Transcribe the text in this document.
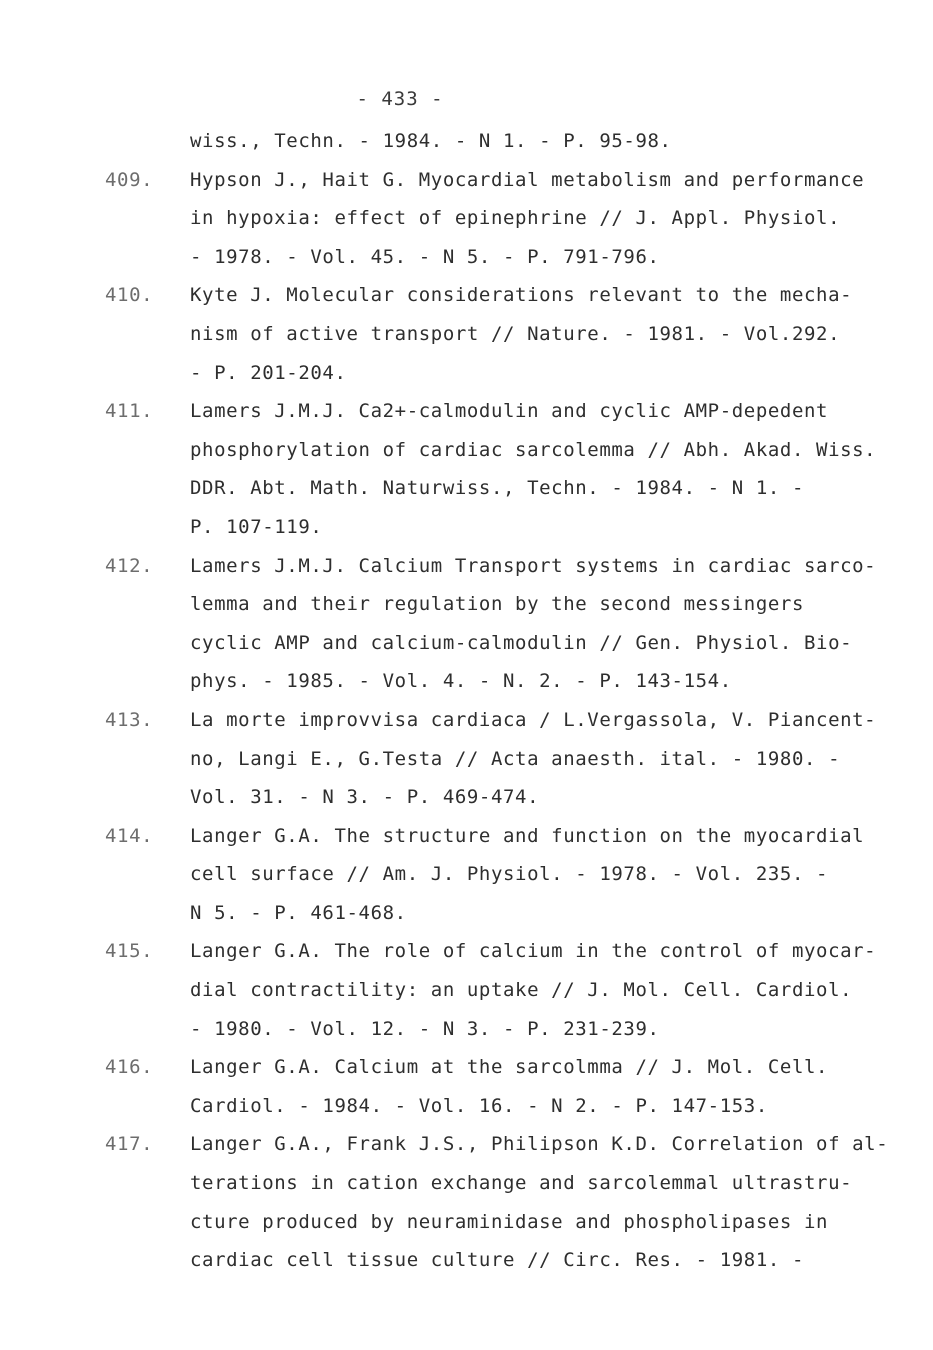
- 433 -
wiss., Techn. - 1984. - N 1. - P. 95-98.
409.	Hypson J., Hait G. Myocardial metabolism and performance
in hypoxia: effect of epinephrine // J. Appl. Physiol.
- 1978. - Vol. 45. - N 5. - P. 791-796.
410.	Kyte J. Molecular considerations relevant to the mecha-
nism of active transport // Nature. - 1981. - Vol.292.
- P. 201-204.
411.	Lamers J.M.J. Ca2+-calmodulin and cyclic AMP-depedent
phosphorylation of cardiac sarcolemma // Abh. Akad. Wiss.
DDR. Abt. Math. Naturwiss., Techn. - 1984. - N 1. -
P. 107-119.
412.	Lamers J.M.J. Calcium Transport systems in cardiac sarco-
lemma and their regulation by the second messingers
cyclic AMP and calcium-calmodulin // Gen. Physiol. Bio-
phys. - 1985. - Vol. 4. - N. 2. - P. 143-154.
413.	La morte improvvisa cardiaca / L.Vergassola, V. Piancent-
no, Langi E., G.Testa // Acta anaesth. ital. - 1980. -
Vol. 31. - N 3. - P. 469-474.
414.	Langer G.A. The structure and function on the myocardial
cell surface // Am. J. Physiol. - 1978. - Vol. 235. -
N 5. - P. 461-468.
415.	Langer G.A. The role of calcium in the control of myocar-
dial contractility: an uptake // J. Mol. Cell. Cardiol.
- 1980. - Vol. 12. - N 3. - P. 231-239.
416.	Langer G.A. Calcium at the sarcolmma // J. Mol. Cell.
Cardiol. - 1984. - Vol. 16. - N 2. - P. 147-153.
417.	Langer G.A., Frank J.S., Philipson K.D. Correlation of al-
terations in cation exchange and sarcolemmal ultrastru-
cture produced by neuraminidase and phospholipases in
cardiac cell tissue culture // Circ. Res. - 1981. -
